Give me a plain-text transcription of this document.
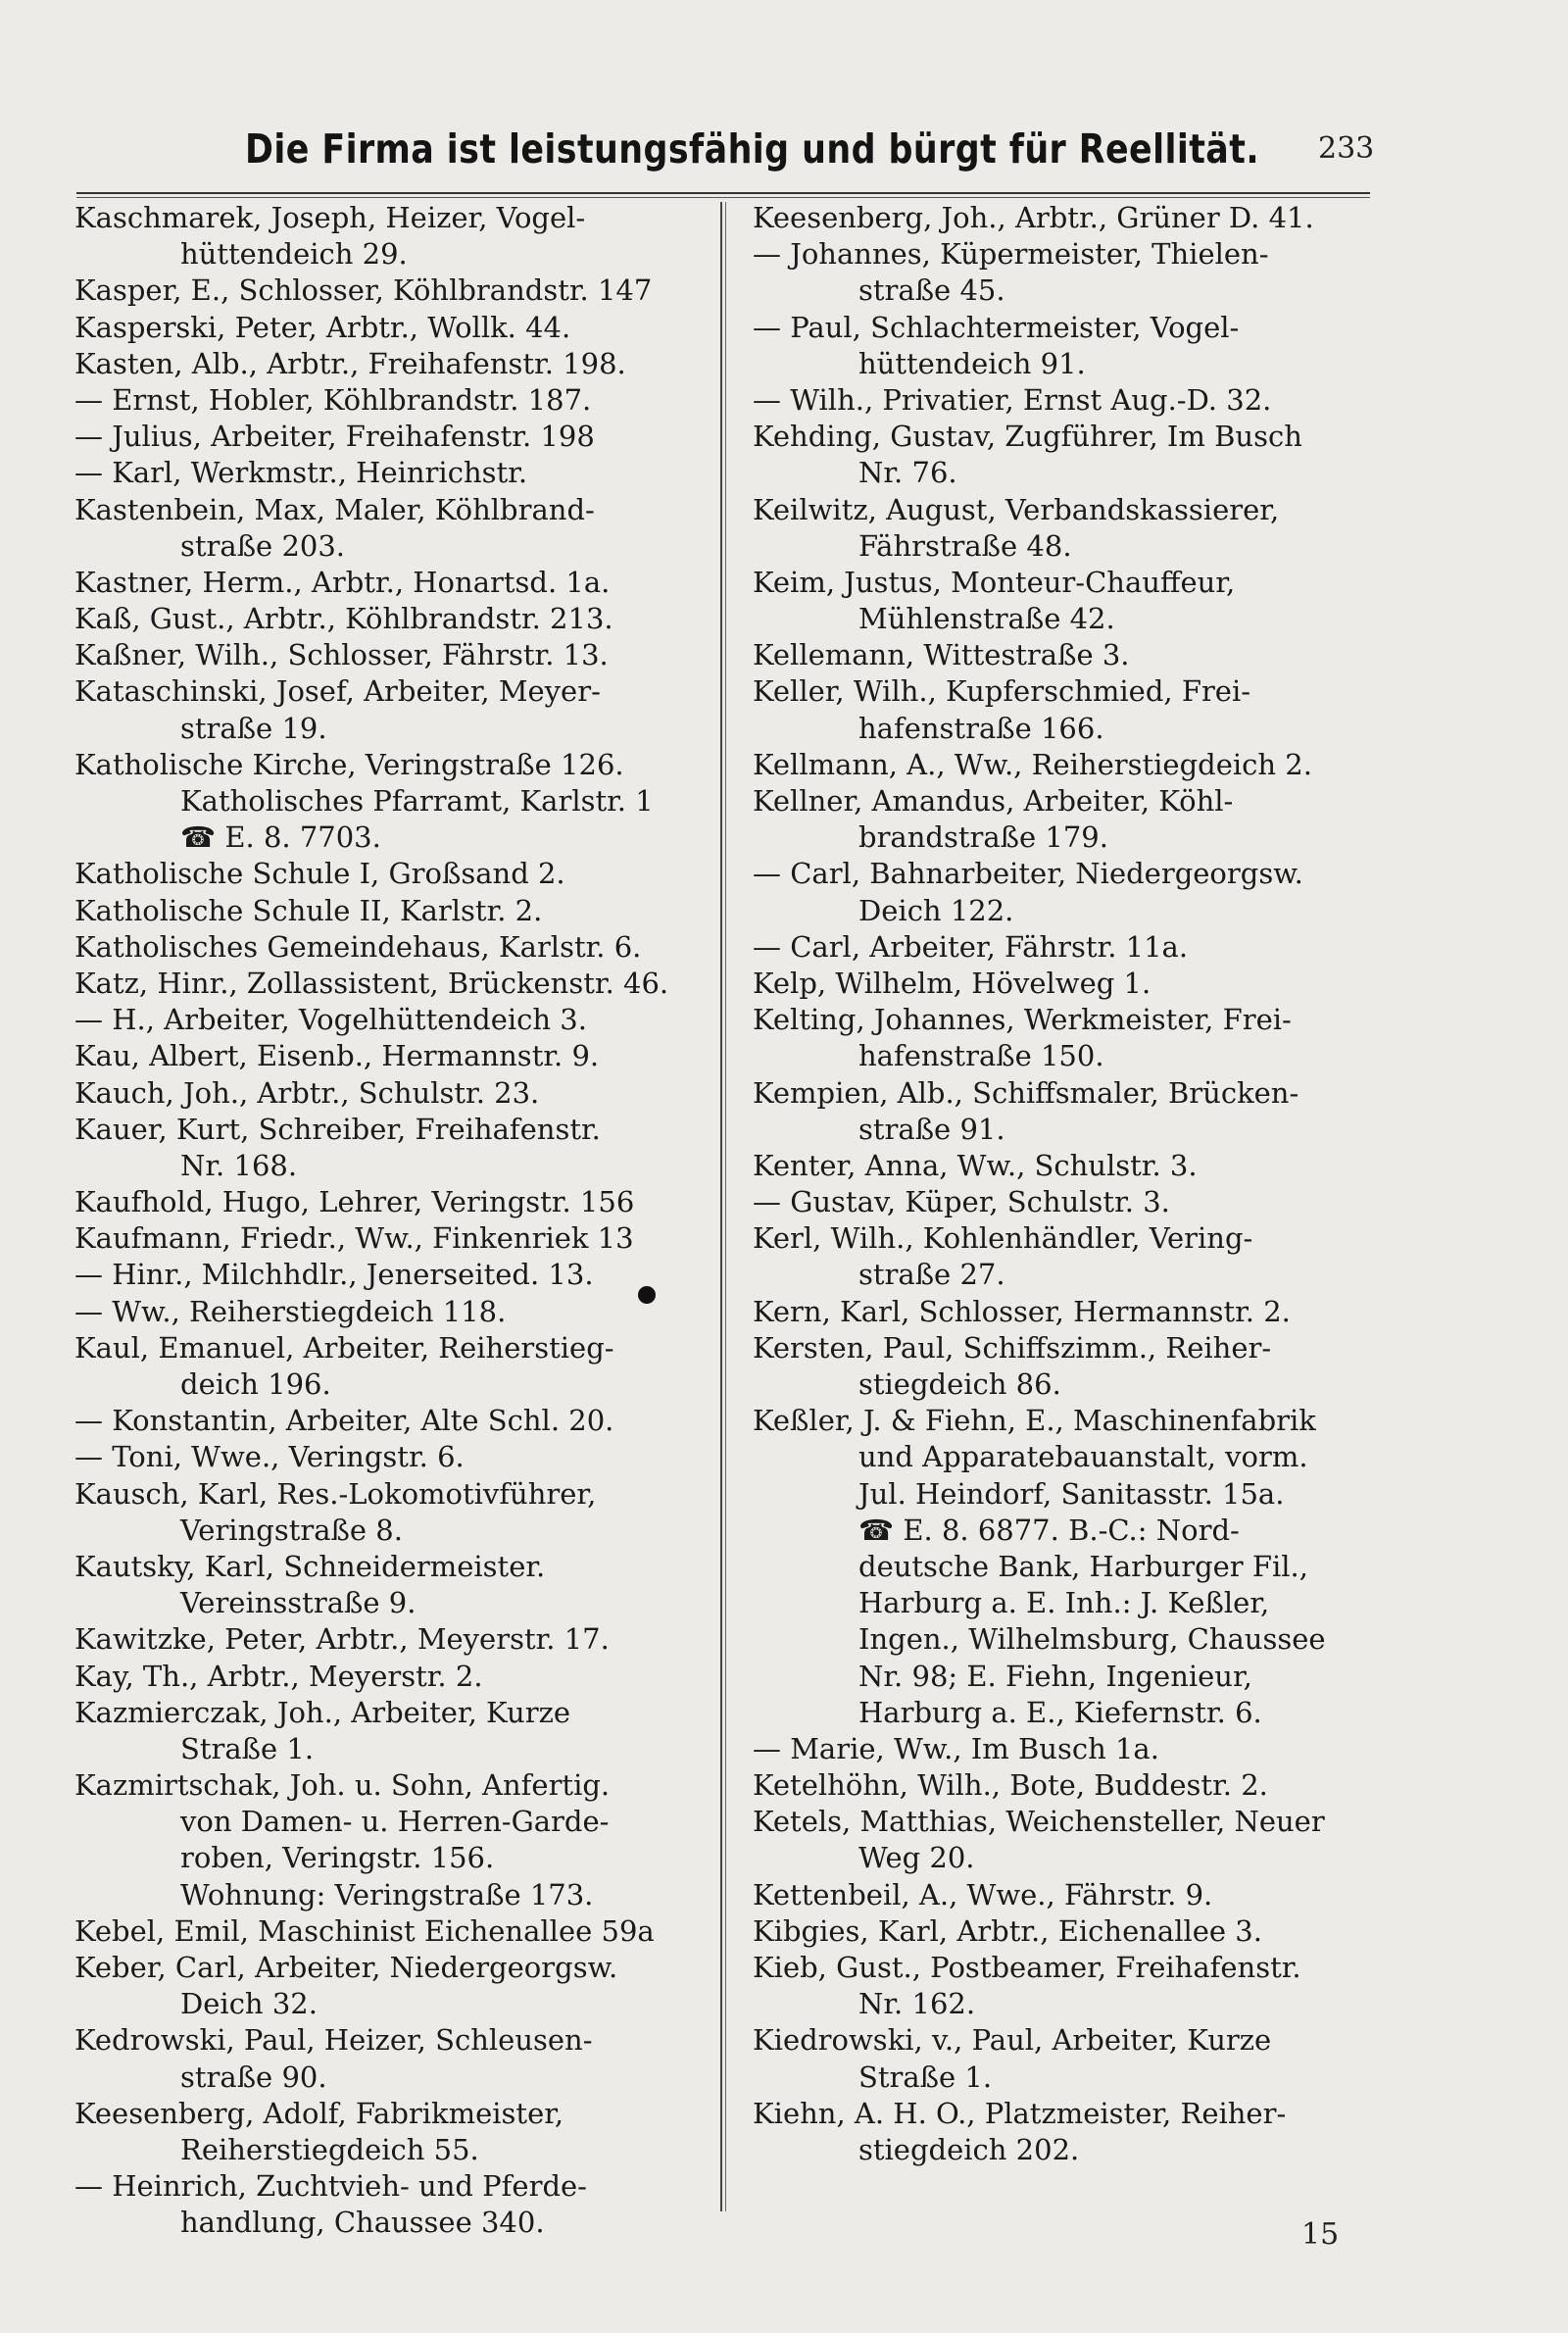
Die Firma ist leistungsfähig und bürgt für Reellität. 233
Kaschmarek, Joseph, Heizer, Vogel-
hüttendeich 29.
Kasper, E., Schlosser, Köhlbrandstr. 147
Kasperski, Peter, Arbtr., Wollk. 44.
Kasten, Alb., Arbtr., Freihafenstr. 198.
— Ernst, Hobler, Köhlbrandstr. 187.
— Julius, Arbeiter, Freihafenstr. 198
— Karl, Werkmstr., Heinrichstr.
Kastenbein, Max, Maler, Köhlbrand-
straße 203.
Kastner, Herm., Arbtr., Honartsd. 1a.
Kaß, Gust., Arbtr., Köhlbrandstr. 213.
Kaßner, Wilh., Schlosser, Fährstr. 13.
Kataschinski, Josef, Arbeiter, Meyer-
straße 19.
Katholische Kirche, Veringstraße 126.
Katholisches Pfarramt, Karlstr. 1
☎ E. 8. 7703.
Katholische Schule I, Großsand 2.
Katholische Schule II, Karlstr. 2.
Katholisches Gemeindehaus, Karlstr. 6.
Katz, Hinr., Zollassistent, Brückenstr. 46.
— H., Arbeiter, Vogelhüttendeich 3.
Kau, Albert, Eisenb., Hermannstr. 9.
Kauch, Joh., Arbtr., Schulstr. 23.
Kauer, Kurt, Schreiber, Freihafenstr.
Nr. 168.
Kaufhold, Hugo, Lehrer, Veringstr. 156
Kaufmann, Friedr., Ww., Finkenriek 13
— Hinr., Milchhdlr., Jenerseited. 13.
— Ww., Reiherstiegdeich 118.
Kaul, Emanuel, Arbeiter, Reiherstieg-
deich 196.
— Konstantin, Arbeiter, Alte Schl. 20.
— Toni, Wwe., Veringstr. 6.
Kausch, Karl, Res.-Lokomotivführer,
Veringstraße 8.
Kautsky, Karl, Schneidermeister.
Vereinsstraße 9.
Kawitzke, Peter, Arbtr., Meyerstr. 17.
Kay, Th., Arbtr., Meyerstr. 2.
Kazmierczak, Joh., Arbeiter, Kurze
Straße 1.
Kazmirtschak, Joh. u. Sohn, Anfertig.
von Damen- u. Herren-Garde-
roben, Veringstr. 156.
Wohnung: Veringstraße 173.
Kebel, Emil, Maschinist Eichenallee 59a
Keber, Carl, Arbeiter, Niedergeorgsw.
Deich 32.
Kedrowski, Paul, Heizer, Schleusen-
straße 90.
Keesenberg, Adolf, Fabrikmeister,
Reiherstiegdeich 55.
— Heinrich, Zuchtvieh- und Pferde-
handlung, Chaussee 340.
Keesenberg, Joh., Arbtr., Grüner D. 41.
— Johannes, Küpermeister, Thielen-
straße 45.
— Paul, Schlachtermeister, Vogel-
hüttendeich 91.
— Wilh., Privatier, Ernst Aug.-D. 32.
Kehding, Gustav, Zugführer, Im Busch
Nr. 76.
Keilwitz, August, Verbandskassierer,
Fährstraße 48.
Keim, Justus, Monteur-Chauffeur,
Mühlenstraße 42.
Kellemann, Wittestraße 3.
Keller, Wilh., Kupferschmied, Frei-
hafenstraße 166.
Kellmann, A., Ww., Reiherstiegdeich 2.
Kellner, Amandus, Arbeiter, Köhl-
brandstraße 179.
— Carl, Bahnarbeiter, Niedergeorgsw.
Deich 122.
— Carl, Arbeiter, Fährstr. 11a.
Kelp, Wilhelm, Hövelweg 1.
Kelting, Johannes, Werkmeister, Frei-
hafenstraße 150.
Kempien, Alb., Schiffsmaler, Brücken-
straße 91.
Kenter, Anna, Ww., Schulstr. 3.
— Gustav, Küper, Schulstr. 3.
Kerl, Wilh., Kohlenhändler, Vering-
straße 27.
Kern, Karl, Schlosser, Hermannstr. 2.
Kersten, Paul, Schiffszimm., Reiher-
stiegdeich 86.
Keßler, J. & Fiehn, E., Maschinenfabrik
und Apparatebauanstalt, vorm.
Jul. Heindorf, Sanitasstr. 15a.
☎ E. 8. 6877. B.-C.: Nord-
deutsche Bank, Harburger Fil.,
Harburg a. E. Inh.: J. Keßler,
Ingen., Wilhelmsburg, Chaussee
Nr. 98; E. Fiehn, Ingenieur,
Harburg a. E., Kiefernstr. 6.
— Marie, Ww., Im Busch 1a.
Ketelhöhn, Wilh., Bote, Buddestr. 2.
Ketels, Matthias, Weichensteller, Neuer
Weg 20.
Kettenbeil, A., Wwe., Fährstr. 9.
Kibgies, Karl, Arbtr., Eichenallee 3.
Kieb, Gust., Postbeamer, Freihafenstr.
Nr. 162.
Kiedrowski, v., Paul, Arbeiter, Kurze
Straße 1.
Kiehn, A. H. O., Platzmeister, Reiher-
stiegdeich 202.
15
